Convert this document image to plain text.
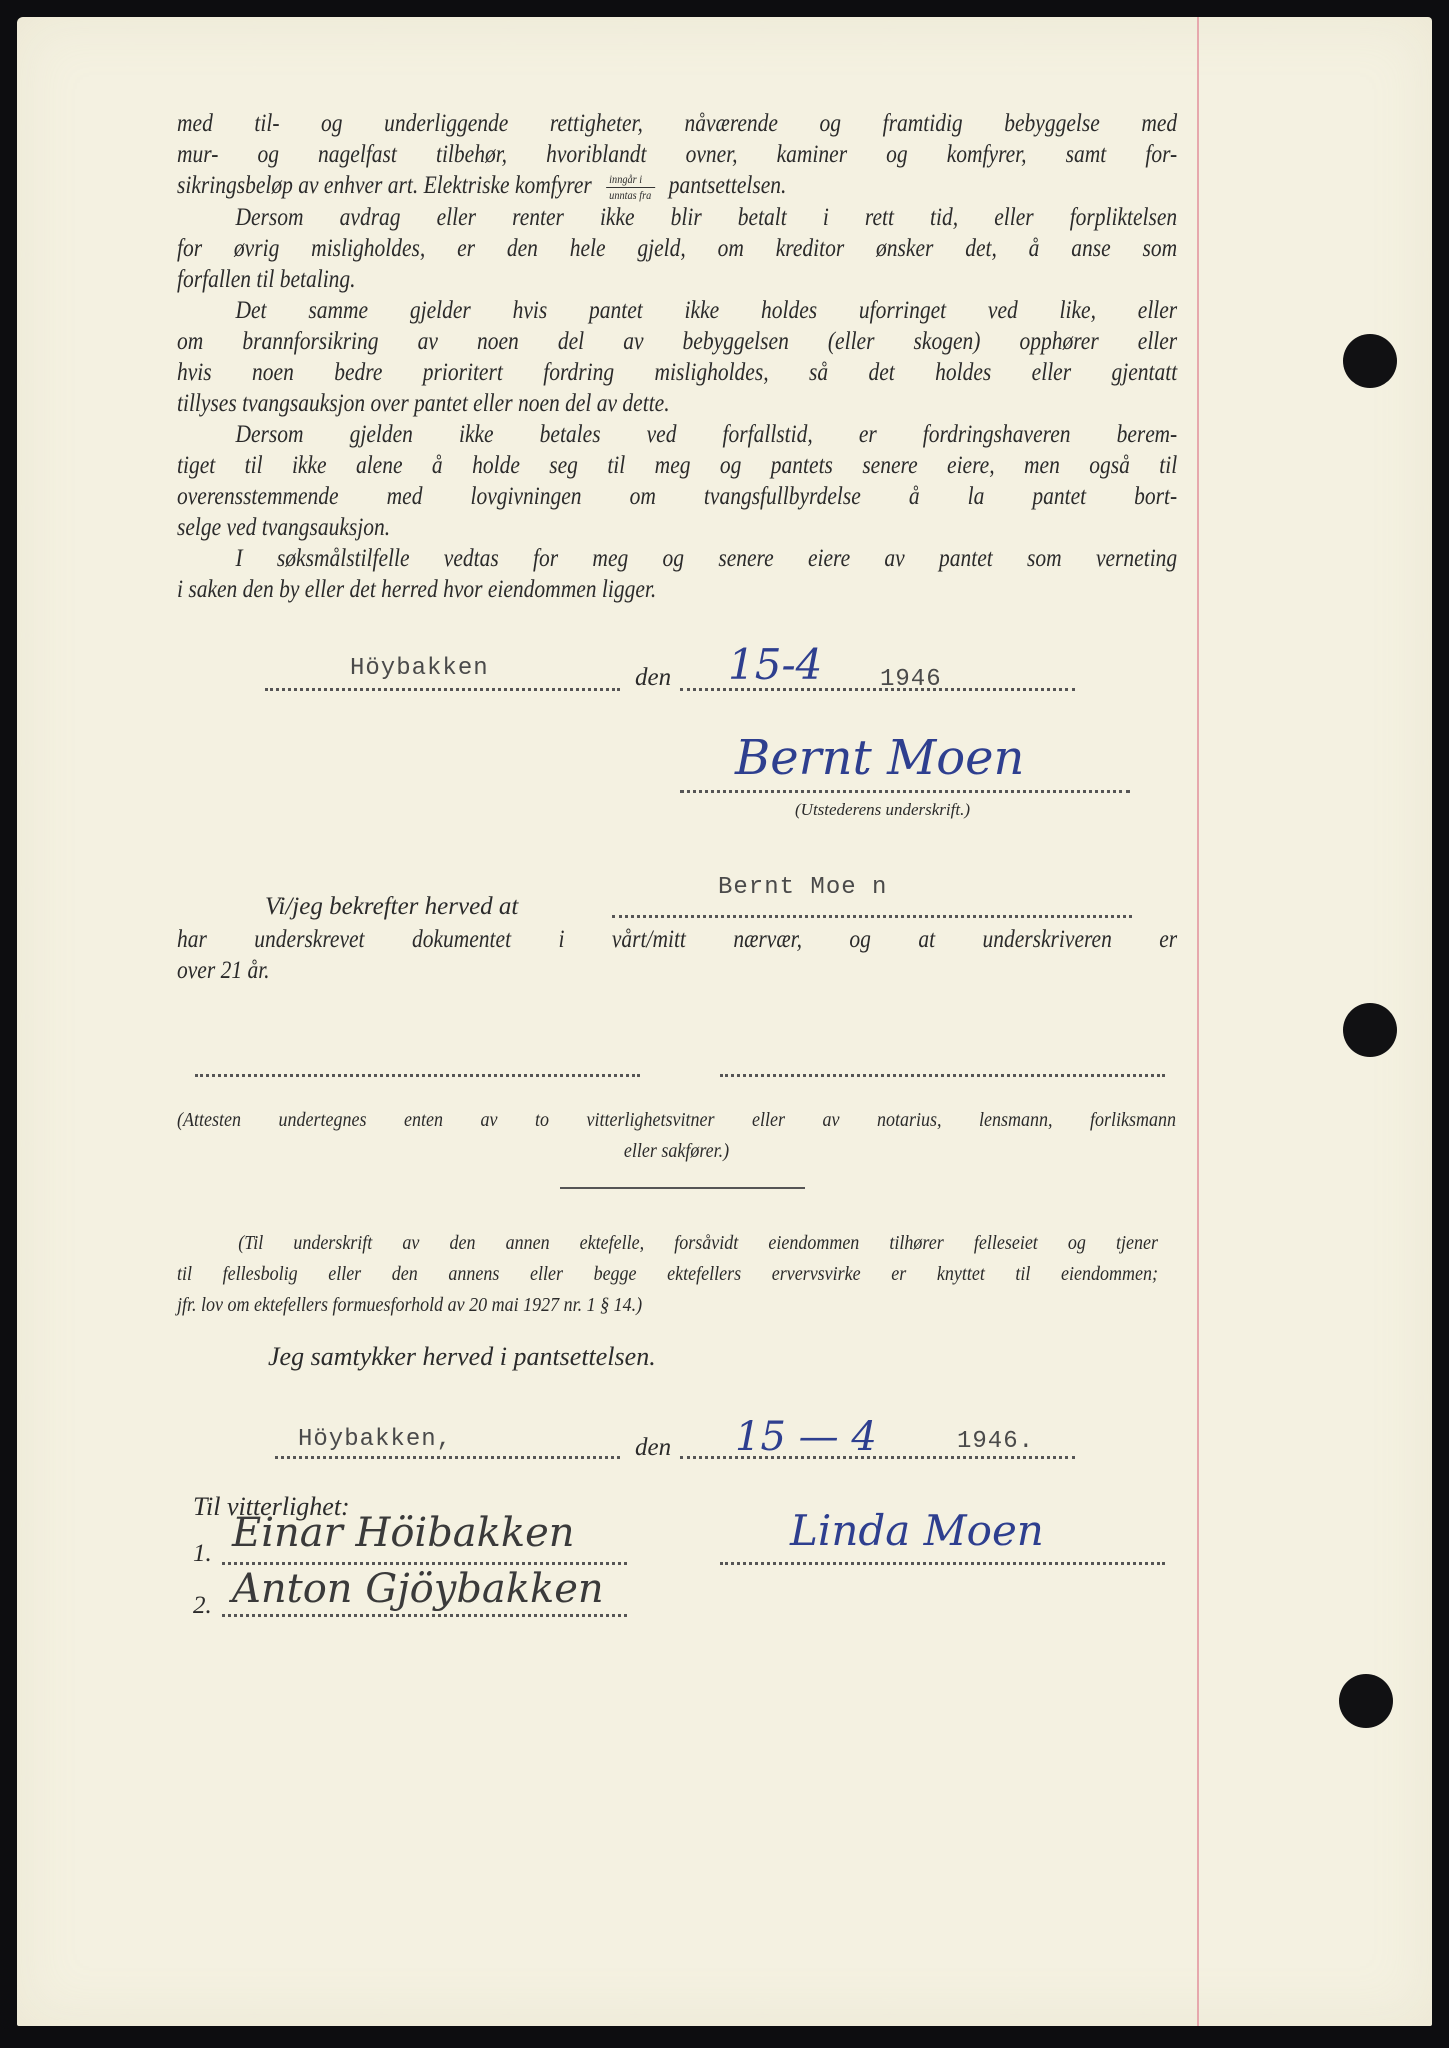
med til- og underliggende rettigheter, nåværende og framtidig bebyggelse med
mur- og nagelfast tilbehør, hvoriblandt ovner, kaminer og komfyrer, samt for-
sikringsbeløp av enhver art. Elektriske komfyrer $\frac{\text{inngår i}}{\text{unntas fra}}$ pantsettelsen.
Dersom avdrag eller renter ikke blir betalt i rett tid, eller forpliktelsen
for øvrig misligholdes, er den hele gjeld, om kreditor ønsker det, å anse som
forfallen til betaling.
Det samme gjelder hvis pantet ikke holdes uforringet ved like, eller
om brannforsikring av noen del av bebyggelsen (eller skogen) opphører eller
hvis noen bedre prioritert fordring misligholdes, så det holdes eller gjentatt
tillyses tvangsauksjon over pantet eller noen del av dette.
Dersom gjelden ikke betales ved forfallstid, er fordringshaveren berет-
tiget til ikke alene å holde seg til meg og pantets senere eiere, men også til
overensstemmende med lovgivningen om tvangsfullbyrdelse å la pantet bort-
selge ved tvangsauksjon.
I søksmålstilfelle vedtas for meg og senere eiere av pantet som verneting
i saken den by eller det herred hvor eiendommen ligger.
Höybakken	den 15-4 1946
Bernt Moen
(Utstederens underskrift.)
Bernt Moe n
Vi/jeg bekrefter herved at
har underskrevet dokumentet i vårt/mitt nærvær, og at underskriveren er
over 21 år.
(Attesten undertegnes enten av to vitterlighetsvitner eller av notarius, lensmann, forliksmann
eller sakfører.)
(Til underskrift av den annen ektefelle, forsåvidt eiendommen tilhører felleseiet og tjener
til fellesbolig eller den annens eller begge ektefellers ervervsvirke er knyttet til eiendommen;
jfr. lov om ektefellers formuesforhold av 20 mai 1927 nr. 1 § 14.)
Jeg samtykker herved i pantsettelsen.
Höybakken,	den 15 — 4	1946.
Til vitterlighet:
1. Einar Höibakken	Linda Moen
2. Anton Gjöybakken
